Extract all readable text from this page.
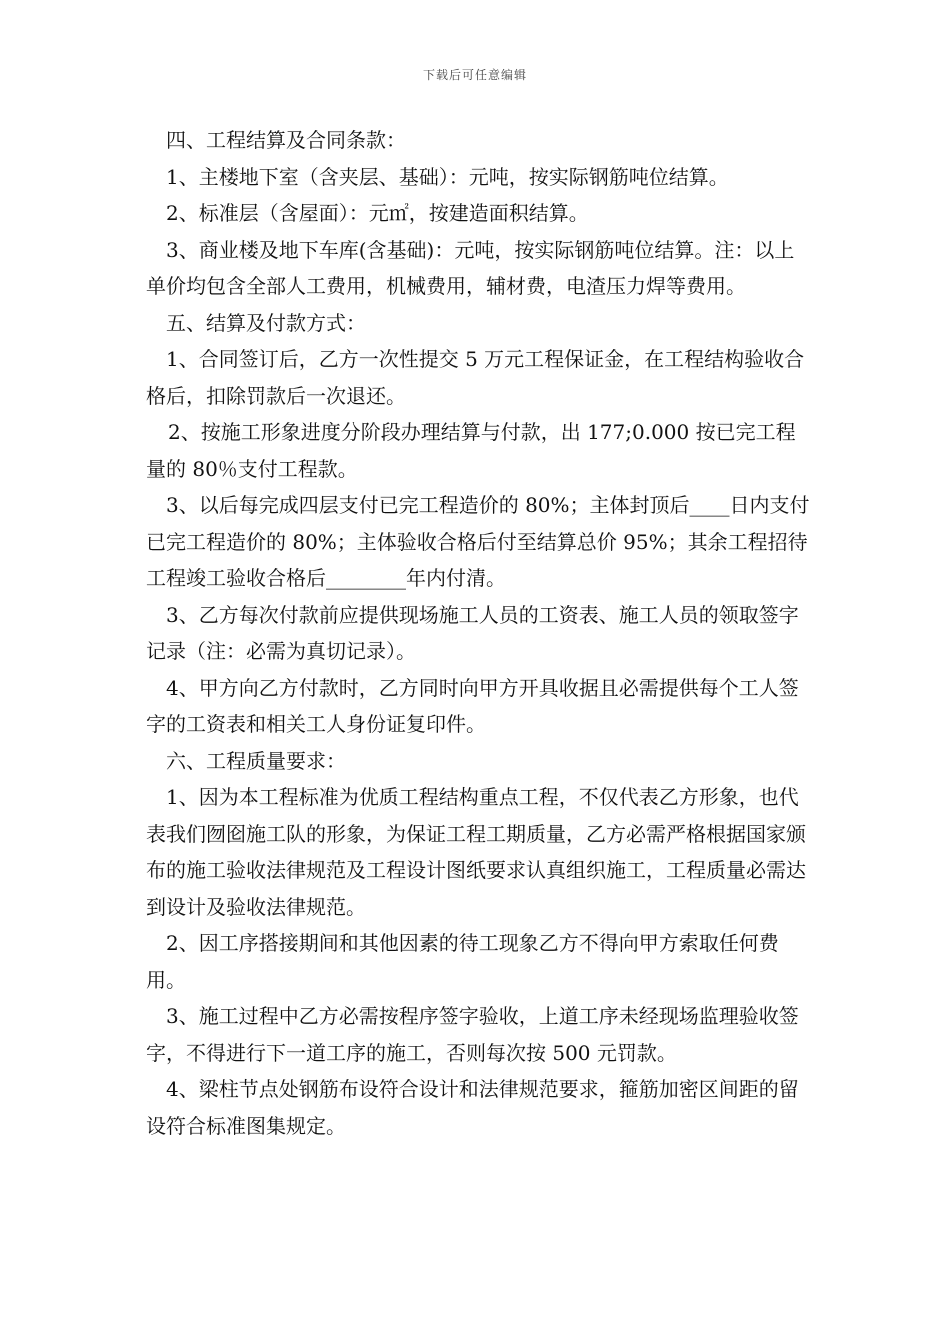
下载后可任意编辑

四、工程结算及合同条款：

1、主楼地下室（含夹层、基础）：元吨，按实际钢筋吨位结算。

2、标准层（含屋面）：元㎡，按建造面积结算。

3、商业楼及地下车库(含基础)：元吨，按实际钢筋吨位结算。注：以上单价均包含全部人工费用，机械费用，辅材费，电渣压力焊等费用。

五、结算及付款方式：

1、合同签订后，乙方一次性提交 5 万元工程保证金，在工程结构验收合格后，扣除罚款后一次退还。

2、按施工形象进度分阶段办理结算与付款，出 177;0.000 按已完工程量的 80％支付工程款。

3、以后每完成四层支付已完工程造价的 80%；主体封顶后____日内支付已完工程造价的 80%；主体验收合格后付至结算总价 95%；其余工程招待工程竣工验收合格后________年内付清。

3、乙方每次付款前应提供现场施工人员的工资表、施工人员的领取签字记录（注：必需为真切记录）。

4、甲方向乙方付款时，乙方同时向甲方开具收据且必需提供每个工人签字的工资表和相关工人身份证复印件。

六、工程质量要求：

1、因为本工程标准为优质工程结构重点工程，不仅代表乙方形象，也代表我们囫囵施工队的形象，为保证工程工期质量，乙方必需严格根据国家颁布的施工验收法律规范及工程设计图纸要求认真组织施工，工程质量必需达到设计及验收法律规范。

2、因工序搭接期间和其他因素的待工现象乙方不得向甲方索取任何费用。

3、施工过程中乙方必需按程序签字验收，上道工序未经现场监理验收签字，不得进行下一道工序的施工，否则每次按 500 元罚款。

4、梁柱节点处钢筋布设符合设计和法律规范要求，箍筋加密区间距的留设符合标准图集规定。
